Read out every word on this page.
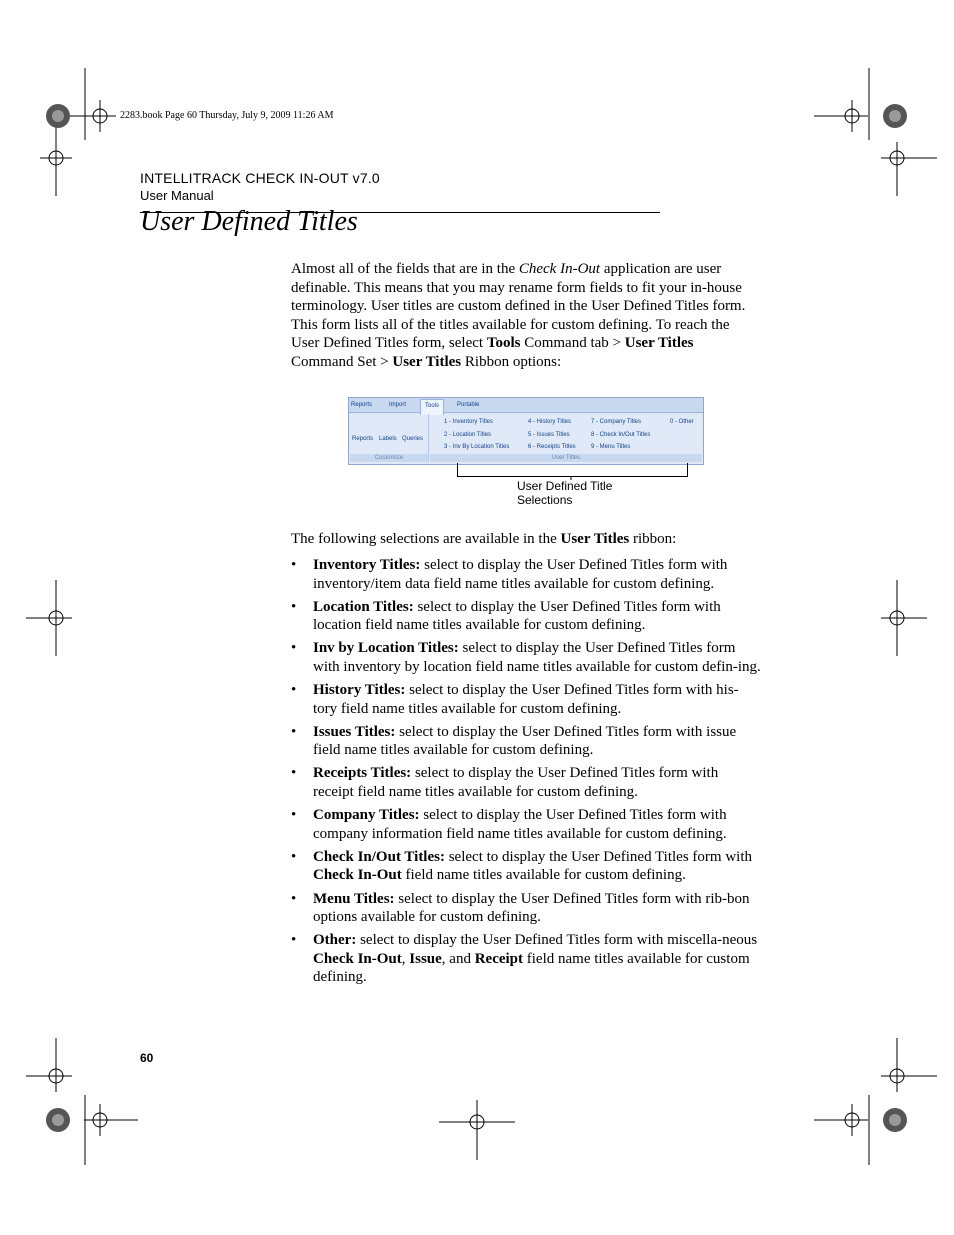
2283.book Page 60 Thursday, July 9, 2009 11:26 AM
INTELLITRACK CHECK IN-OUT v7.0
User Manual
User Defined Titles
Almost all of the fields that are in the Check In-Out application are user definable. This means that you may rename form fields to fit your in-house terminology. User titles are custom defined in the User Defined Titles form. This form lists all of the titles available for custom defining. To reach the User Defined Titles form, select Tools Command tab > User Titles Command Set > User Titles Ribbon options:
Reports	Import	Tools	Portable
Reports Labels Queries
Customize
1 - Inventory Titles
2 - Location Titles
3 - Inv By Location Titles
4 - History Titles
5 - Issues Titles
6 - Receipts Titles
7 - Company Titles
8 - Check In/Out Titles
9 - Menu Titles
0 - Other
User Titles
User Defined Title Selections
The following selections are available in the User Titles ribbon:
• Inventory Titles: select to display the User Defined Titles form with inventory/item data field name titles available for custom defining.
• Location Titles: select to display the User Defined Titles form with location field name titles available for custom defining.
• Inv by Location Titles: select to display the User Defined Titles form with inventory by location field name titles available for custom defin-ing.
• History Titles: select to display the User Defined Titles form with his-tory field name titles available for custom defining.
• Issues Titles: select to display the User Defined Titles form with issue field name titles available for custom defining.
• Receipts Titles: select to display the User Defined Titles form with receipt field name titles available for custom defining.
• Company Titles: select to display the User Defined Titles form with company information field name titles available for custom defining.
• Check In/Out Titles: select to display the User Defined Titles form with Check In-Out field name titles available for custom defining.
• Menu Titles: select to display the User Defined Titles form with rib-bon options available for custom defining.
• Other: select to display the User Defined Titles form with miscella-neous Check In-Out, Issue, and Receipt field name titles available for custom defining.
60
